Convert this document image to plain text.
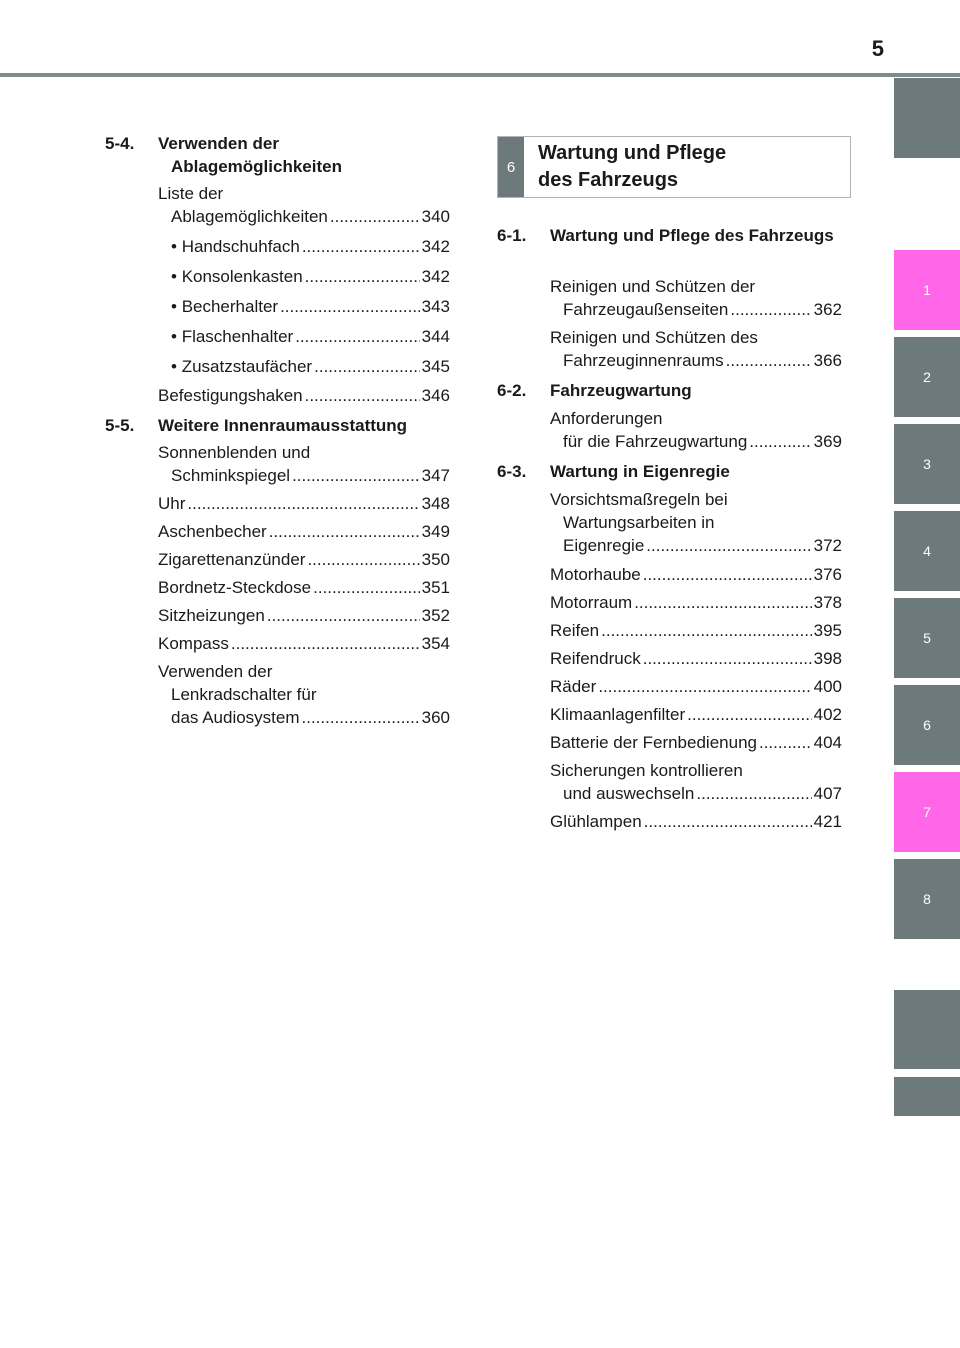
5
1
2
3
4
5
6
7
8
5-4. Verwenden der Ablagemöglichkeiten
Liste der
Ablagemöglichkeiten .....	340
• Handschuhfach .....	342
• Konsolenkasten .....	342
• Becherhalter .....	343
• Flaschenhalter .....	344
• Zusatzstaufächer .....	345
Befestigungshaken .....	346
5-5. Weitere Innenraumausstattung
Sonnenblenden und
Schminkspiegel .....	347
Uhr .....	348
Aschenbecher .....	349
Zigarettenanzünder .....	350
Bordnetz-Steckdose .....	351
Sitzheizungen .....	352
Kompass .....	354
Verwenden der
Lenkradschalter für
das Audiosystem .....	360
6
Wartung und Pflege
des Fahrzeugs
6-1. Wartung und Pflege des Fahrzeugs
Reinigen und Schützen der
Fahrzeugaußenseiten .....	362
Reinigen und Schützen des
Fahrzeuginnenraums .....	366
6-2. Fahrzeugwartung
Anforderungen
für die Fahrzeugwartung .....	369
6-3. Wartung in Eigenregie
Vorsichtsmaßregeln bei
Wartungsarbeiten in
Eigenregie .....	372
Motorhaube .....	376
Motorraum .....	378
Reifen .....	395
Reifendruck .....	398
Räder .....	400
Klimaanlagenfilter .....	402
Batterie der Fernbedienung .....	404
Sicherungen kontrollieren
und auswechseln .....	407
Glühlampen .....	421
